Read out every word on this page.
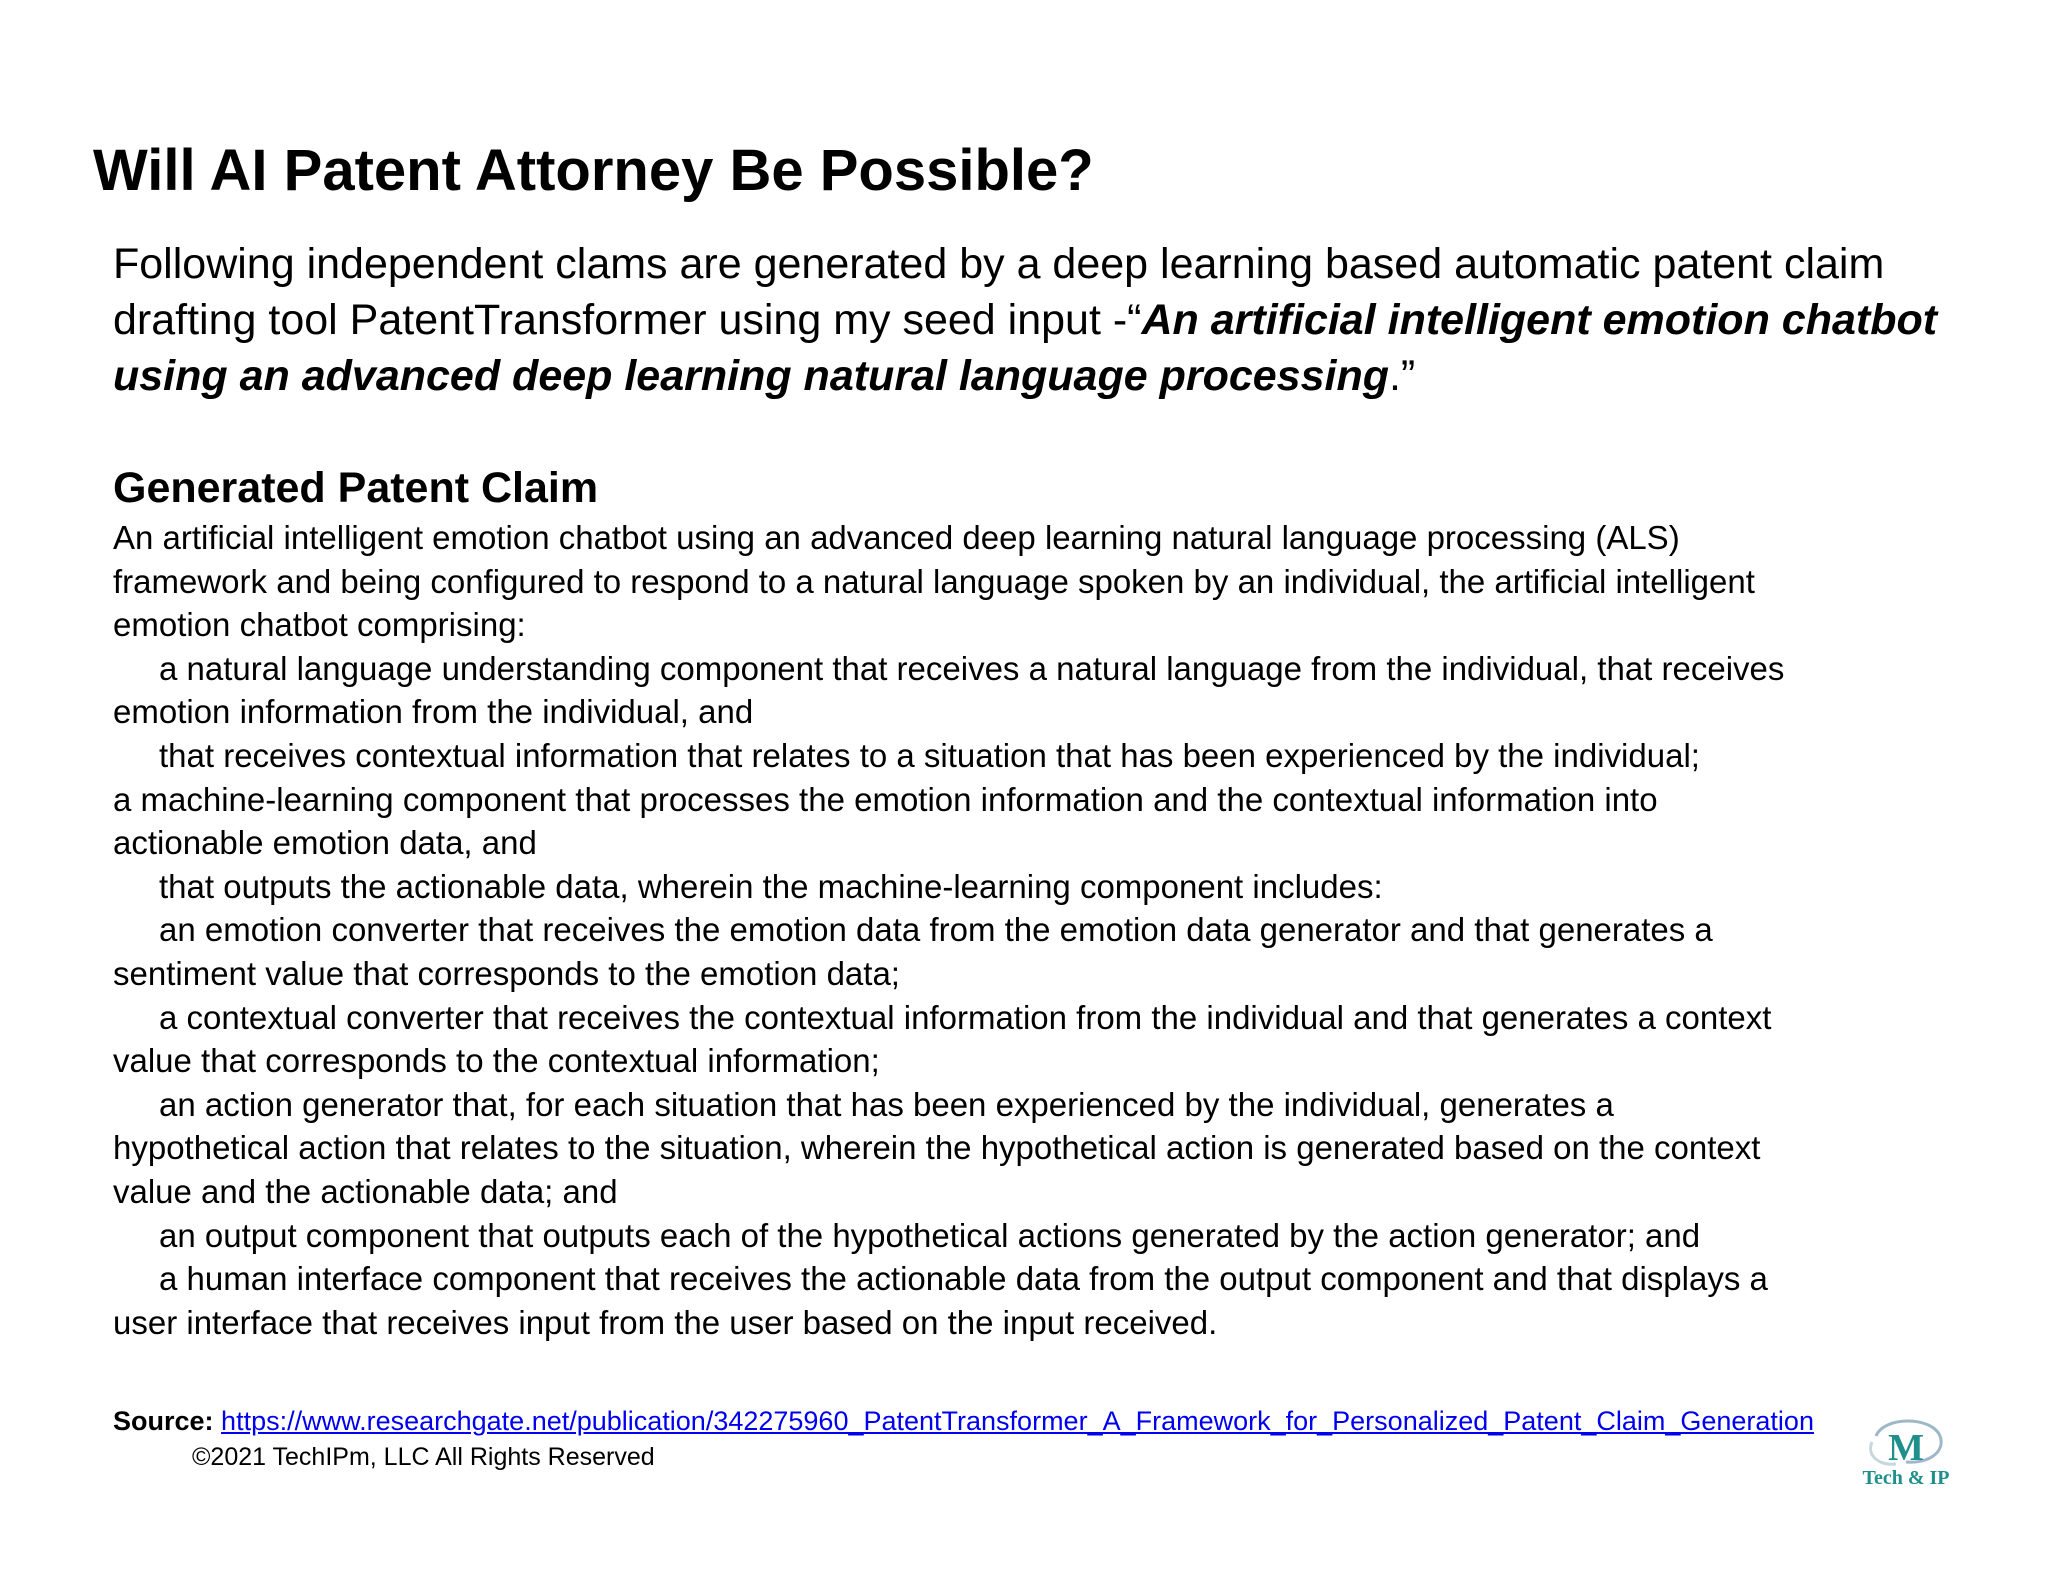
Will AI Patent Attorney Be Possible?

Following independent clams are generated by a deep learning based automatic patent claim drafting tool PatentTransformer using my seed input -“An artificial intelligent emotion chatbot using an advanced deep learning natural language processing.”

Generated Patent Claim
An artificial intelligent emotion chatbot using an advanced deep learning natural language processing (ALS)
framework and being configured to respond to a natural language spoken by an individual, the artificial intelligent
emotion chatbot comprising:
a natural language understanding component that receives a natural language from the individual, that receives
emotion information from the individual, and
that receives contextual information that relates to a situation that has been experienced by the individual;
a machine-learning component that processes the emotion information and the contextual information into
actionable emotion data, and
that outputs the actionable data, wherein the machine-learning component includes:
an emotion converter that receives the emotion data from the emotion data generator and that generates a
sentiment value that corresponds to the emotion data;
a contextual converter that receives the contextual information from the individual and that generates a context
value that corresponds to the contextual information;
an action generator that, for each situation that has been experienced by the individual, generates a
hypothetical action that relates to the situation, wherein the hypothetical action is generated based on the context
value and the actionable data; and
an output component that outputs each of the hypothetical actions generated by the action generator; and
a human interface component that receives the actionable data from the output component and that displays a
user interface that receives input from the user based on the input received.

Source: https://www.researchgate.net/publication/342275960_PatentTransformer_A_Framework_for_Personalized_Patent_Claim_Generation

©2021 TechIPm, LLC All Rights Reserved	M
Tech & IP
